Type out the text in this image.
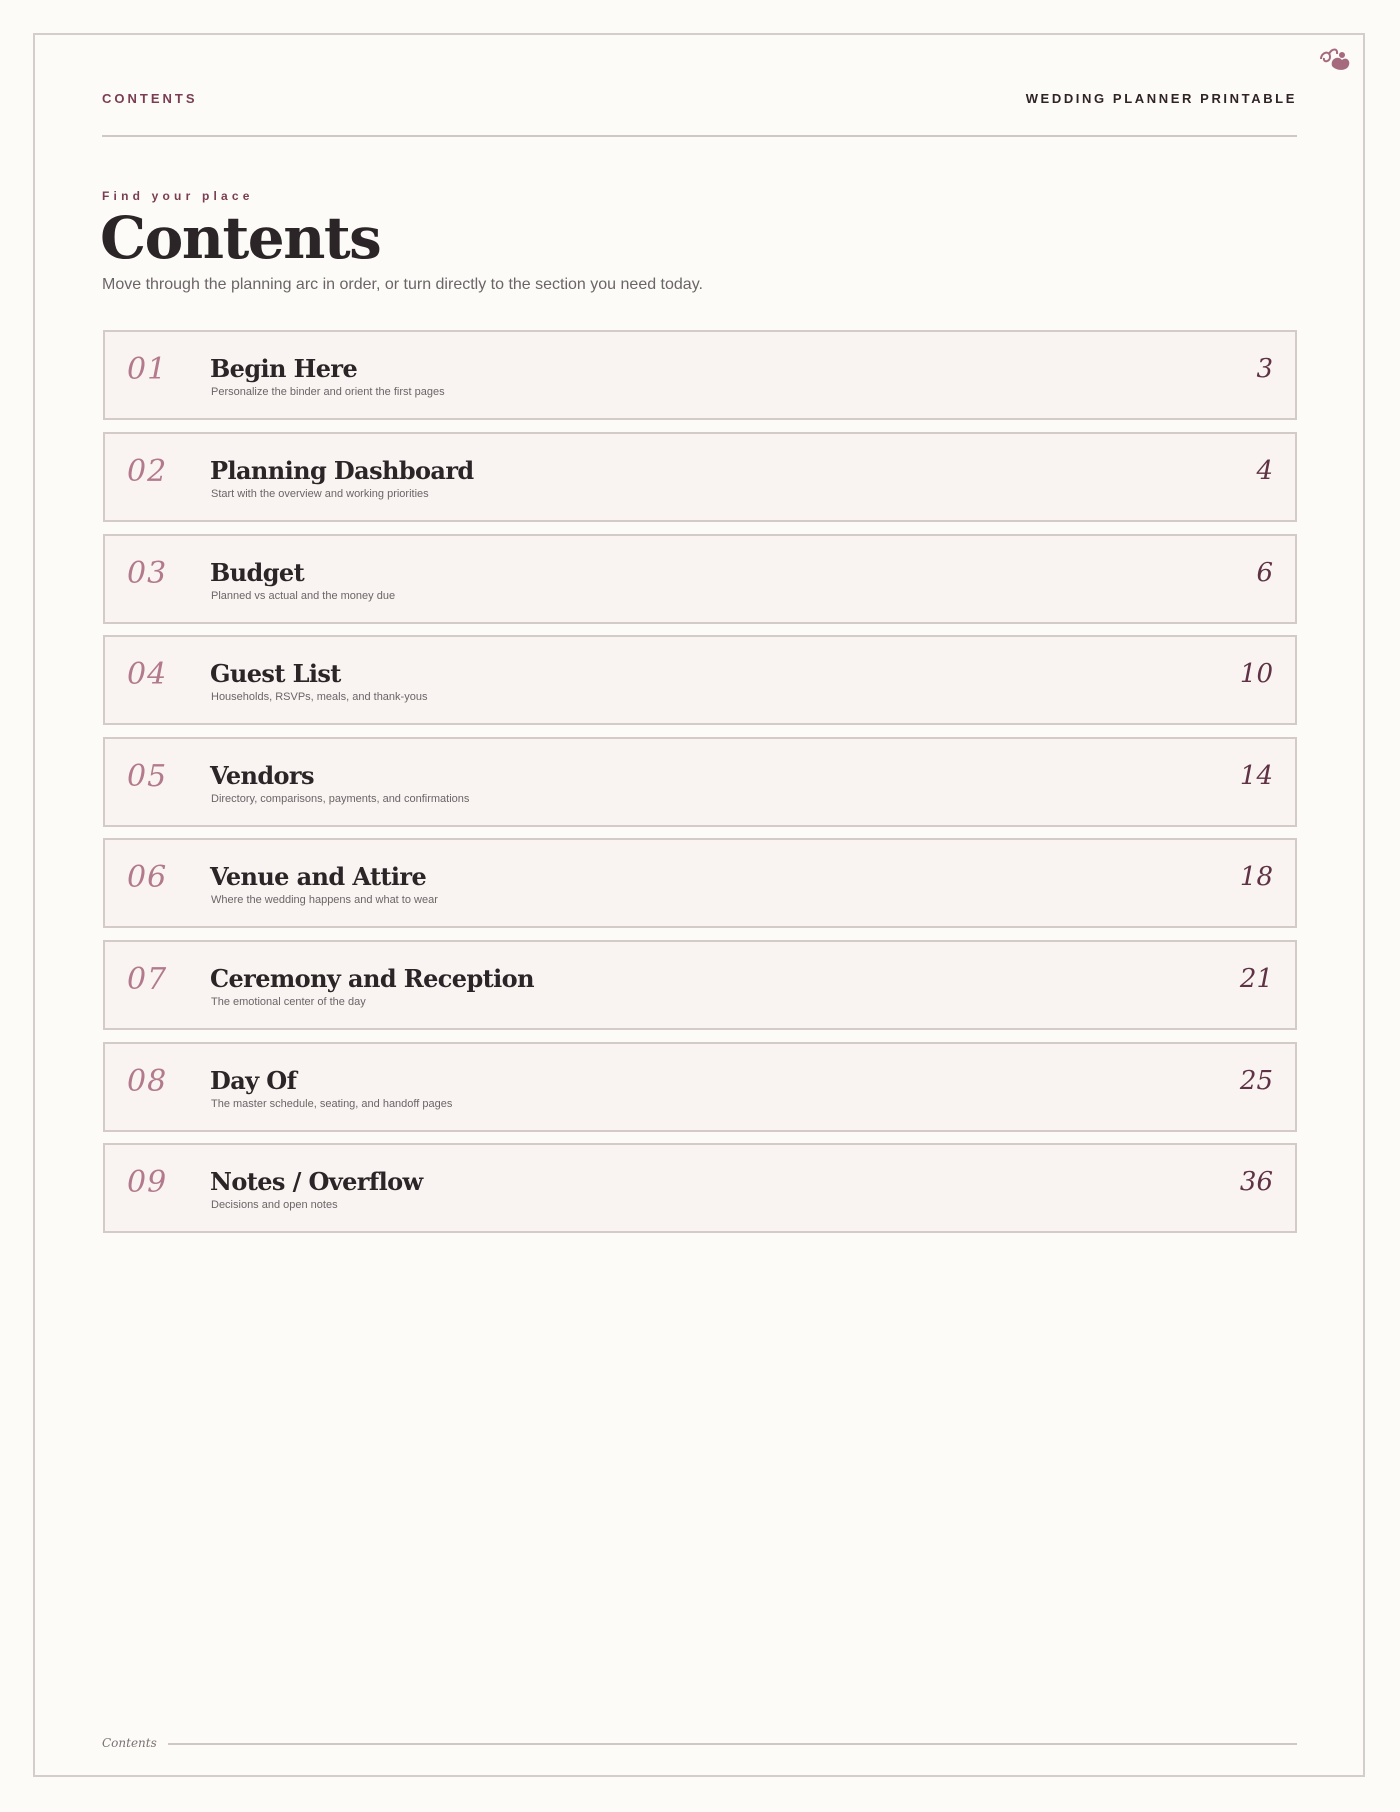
CONTENTS	WEDDING PLANNER PRINTABLE
Find your place
Contents
Move through the planning arc in order, or turn directly to the section you need today.
01 Begin Here
Personalize the binder and orient the first pages
3
02 Planning Dashboard
Start with the overview and working priorities
4
03 Budget
Planned vs actual and the money due
6
04 Guest List
Households, RSVPs, meals, and thank-yous
10
05 Vendors
Directory, comparisons, payments, and confirmations
14
06 Venue and Attire
Where the wedding happens and what to wear
18
07 Ceremony and Reception
The emotional center of the day
21
08 Day Of
The master schedule, seating, and handoff pages
25
09 Notes / Overflow
Decisions and open notes
36
Contents
